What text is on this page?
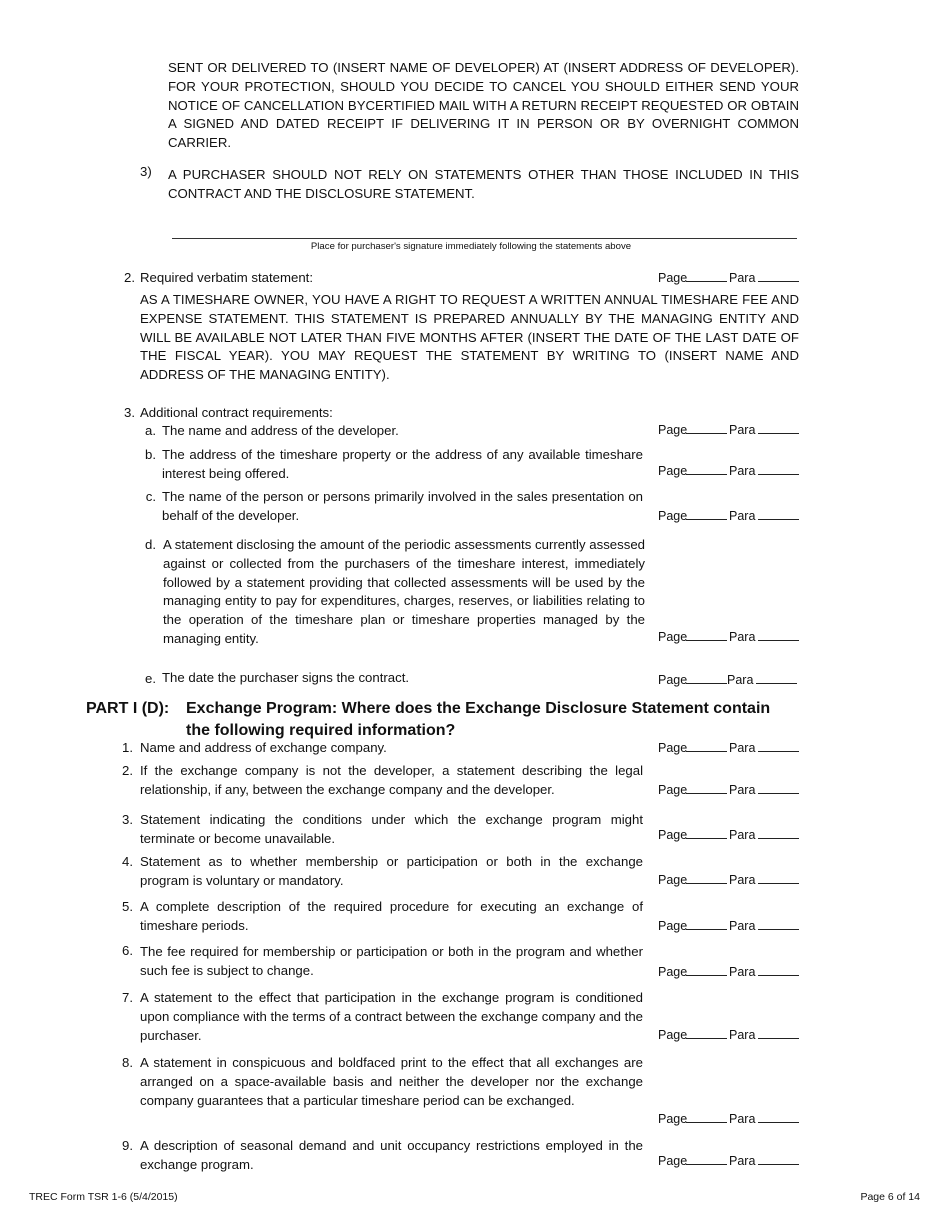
SENT OR DELIVERED TO (INSERT NAME OF DEVELOPER) AT (INSERT ADDRESS OF DEVELOPER). FOR YOUR PROTECTION, SHOULD YOU DECIDE TO CANCEL YOU SHOULD EITHER SEND YOUR NOTICE OF CANCELLATION BYCERTIFIED MAIL WITH A RETURN RECEIPT REQUESTED OR OBTAIN A SIGNED AND DATED RECEIPT IF DELIVERING IT IN PERSON OR BY OVERNIGHT COMMON CARRIER.

3)	A PURCHASER SHOULD NOT RELY ON STATEMENTS OTHER THAN THOSE INCLUDED IN THIS CONTRACT AND THE DISCLOSURE STATEMENT.

Place for purchaser's signature immediately following the statements above
2. Required verbatim statement:	Page	Para

AS A TIMESHARE OWNER, YOU HAVE A RIGHT TO REQUEST A WRITTEN ANNUAL TIMESHARE FEE AND EXPENSE STATEMENT. THIS STATEMENT IS PREPARED ANNUALLY BY THE MANAGING ENTITY AND WILL BE AVAILABLE NOT LATER THAN FIVE MONTHS AFTER (INSERT THE DATE OF THE LAST DATE OF THE FISCAL YEAR). YOU MAY REQUEST THE STATEMENT BY WRITING TO (INSERT NAME AND ADDRESS OF THE MANAGING ENTITY).

3. Additional contract requirements:
a. The name and address of the developer.	Page	Para
b. The address of the timeshare property or the address of any available timeshare interest being offered.	Page	Para
c. The name of the person or persons primarily involved in the sales presentation on behalf of the developer.	Page	Para
d. A statement disclosing the amount of the periodic assessments currently assessed against or collected from the purchasers of the timeshare interest, immediately followed by a statement providing that collected assessments will be used by the managing entity to pay for expenditures, charges, reserves, or liabilities relating to the operation of the timeshare plan or timeshare properties managed by the managing entity.	Page	Para
e. The date the purchaser signs the contract.	Page	Para
PART I (D): Exchange Program: Where does the Exchange Disclosure Statement contain
the following required information?
1. Name and address of exchange company.	Page	Para
2. If the exchange company is not the developer, a statement describing the legal relationship, if any, between the exchange company and the developer.	Page	Para
3. Statement indicating the conditions under which the exchange program might terminate or become unavailable.	Page	Para
4. Statement as to whether membership or participation or both in the exchange program is voluntary or mandatory.	Page	Para
5. A complete description of the required procedure for executing an exchange of timeshare periods.	Page	Para
6. The fee required for membership or participation or both in the program and whether such fee is subject to change.	Page	Para
7. A statement to the effect that participation in the exchange program is conditioned upon compliance with the terms of a contract between the exchange company and the purchaser.	Page	Para
8. A statement in conspicuous and boldfaced print to the effect that all exchanges are arranged on a space-available basis and neither the developer nor the exchange company guarantees that a particular timeshare period can be exchanged.

Page	Para
9. A description of seasonal demand and unit occupancy restrictions employed in the exchange program.	Page	Para
TREC Form TSR 1-6 (5/4/2015)	Page 6 of 14
